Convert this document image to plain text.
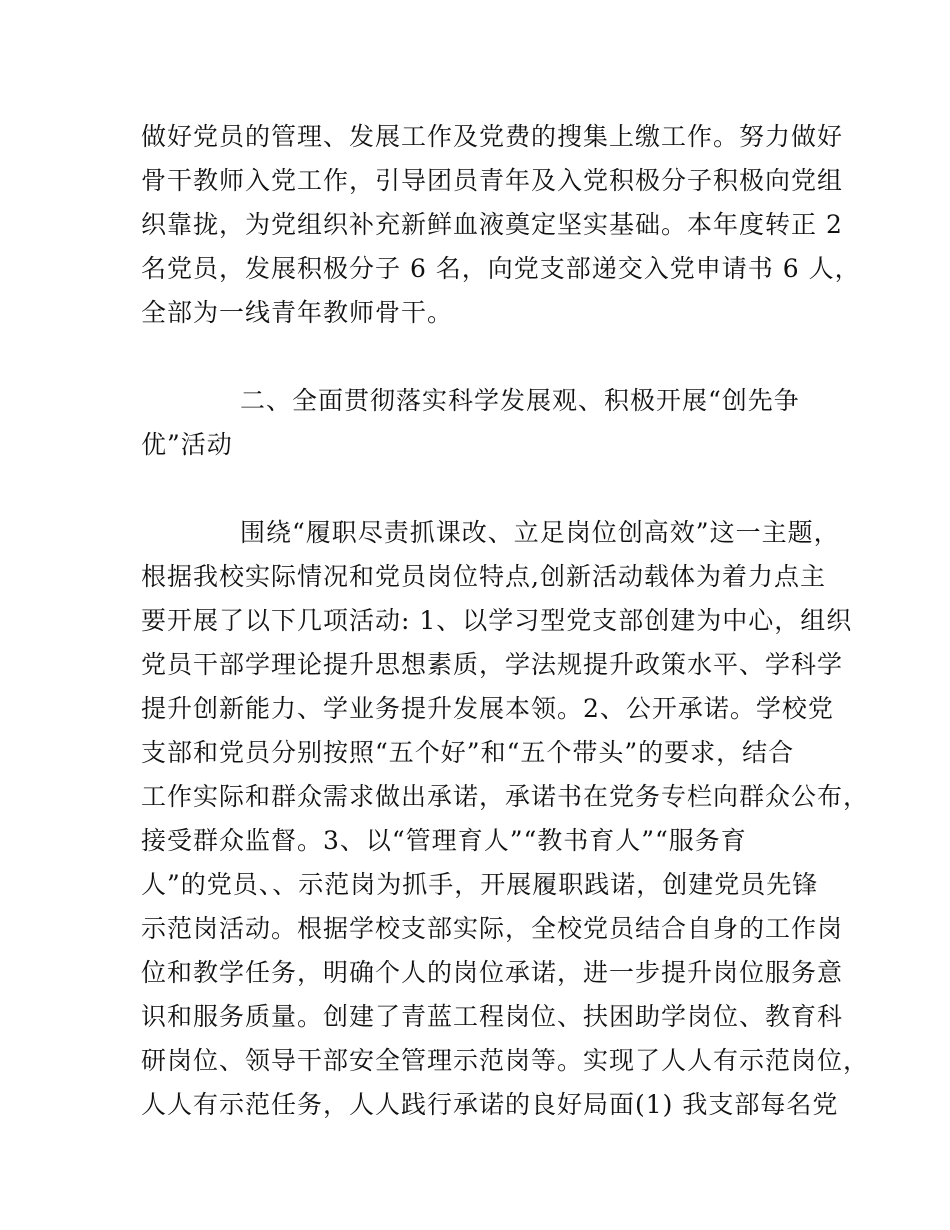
做好党员的管理、发展工作及党费的搜集上缴工作。努力做好
骨干教师入党工作，引导团员青年及入党积极分子积极向党组
织靠拢，为党组织补充新鲜血液奠定坚实基础。本年度转正 2
名党员，发展积极分子 6 名，向党支部递交入党申请书 6 人，
全部为一线青年教师骨干。
二、全面贯彻落实科学发展观、积极开展“创先争
优”活动
围绕“履职尽责抓课改、立足岗位创高效”这一主题，
根据我校实际情况和党员岗位特点,创新活动载体为着力点主
要开展了以下几项活动: 1、以学习型党支部创建为中心，组织
党员干部学理论提升思想素质，学法规提升政策水平、学科学
提升创新能力、学业务提升发展本领。2、公开承诺。学校党
支部和党员分别按照“五个好”和“五个带头”的要求，结合
工作实际和群众需求做出承诺，承诺书在党务专栏向群众公布，
接受群众监督。3、以“管理育人”“教书育人”“服务育
人”的党员、、示范岗为抓手，开展履职践诺，创建党员先锋
示范岗活动。根据学校支部实际，全校党员结合自身的工作岗
位和教学任务，明确个人的岗位承诺，进一步提升岗位服务意
识和服务质量。创建了青蓝工程岗位、扶困助学岗位、教育科
研岗位、领导干部安全管理示范岗等。实现了人人有示范岗位，
人人有示范任务，人人践行承诺的良好局面(1) 我支部每名党
